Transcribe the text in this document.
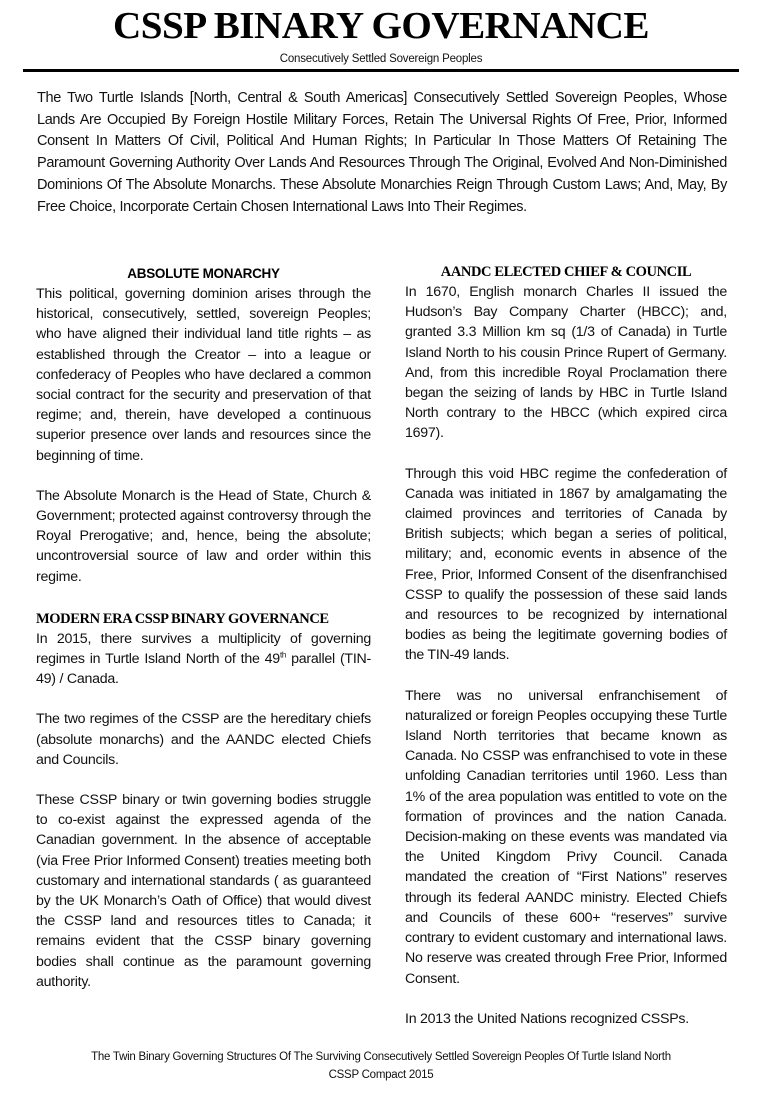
CSSP BINARY GOVERNANCE
Consecutively Settled Sovereign Peoples

The Two Turtle Islands [North, Central & South Americas] Consecutively Settled Sovereign Peoples, Whose Lands Are Occupied By Foreign Hostile Military Forces, Retain The Universal Rights Of Free, Prior, Informed Consent In Matters Of Civil, Political And Human Rights; In Particular In Those Matters Of Retaining The Paramount Governing Authority Over Lands And Resources Through The Original, Evolved And Non-Diminished Dominions Of The Absolute Monarchs. These Absolute Monarchies Reign Through Custom Laws; And, May, By Free Choice, Incorporate Certain Chosen International Laws Into Their Regimes.

ABSOLUTE MONARCHY

This political, governing dominion arises through the historical, consecutively, settled, sovereign Peoples; who have aligned their individual land title rights – as established through the Creator – into a league or confederacy of Peoples who have declared a common social contract for the security and preservation of that regime; and, therein, have developed a continuous superior presence over lands and resources since the beginning of time.

The Absolute Monarch is the Head of State, Church & Government; protected against controversy through the Royal Prerogative; and, hence, being the absolute; uncontroversial source of law and order within this regime.

MODERN ERA CSSP BINARY GOVERNANCE

In 2015, there survives a multiplicity of governing regimes in Turtle Island North of the 49th parallel (TIN-49) / Canada.

The two regimes of the CSSP are the hereditary chiefs (absolute monarchs) and the AANDC elected Chiefs and Councils.

These CSSP binary or twin governing bodies struggle to co-exist against the expressed agenda of the Canadian government. In the absence of acceptable (via Free Prior Informed Consent) treaties meeting both customary and international standards ( as guaranteed by the UK Monarch’s Oath of Office) that would divest the CSSP land and resources titles to Canada; it remains evident that the CSSP binary governing bodies shall continue as the paramount governing authority.

AANDC ELECTED CHIEF & COUNCIL

In 1670, English monarch Charles II issued the Hudson’s Bay Company Charter (HBCC); and, granted 3.3 Million km sq (1/3 of Canada) in Turtle Island North to his cousin Prince Rupert of Germany. And, from this incredible Royal Proclamation there began the seizing of lands by HBC in Turtle Island North contrary to the HBCC (which expired circa 1697).

Through this void HBC regime the confederation of Canada was initiated in 1867 by amalgamating the claimed provinces and territories of Canada by British subjects; which began a series of political, military; and, economic events in absence of the Free, Prior, Informed Consent of the disenfranchised CSSP to qualify the possession of these said lands and resources to be recognized by international bodies as being the legitimate governing bodies of the TIN-49 lands.

There was no universal enfranchisement of naturalized or foreign Peoples occupying these Turtle Island North territories that became known as Canada. No CSSP was enfranchised to vote in these unfolding Canadian territories until 1960. Less than 1% of the area population was entitled to vote on the formation of provinces and the nation Canada. Decision-making on these events was mandated via the United Kingdom Privy Council. Canada mandated the creation of “First Nations” reserves through its federal AANDC ministry. Elected Chiefs and Councils of these 600+ “reserves” survive contrary to evident customary and international laws. No reserve was created through Free Prior, Informed Consent.

In 2013 the United Nations recognized CSSPs.

The Twin Binary Governing Structures Of The Surviving Consecutively Settled Sovereign Peoples Of Turtle Island North
CSSP Compact 2015
